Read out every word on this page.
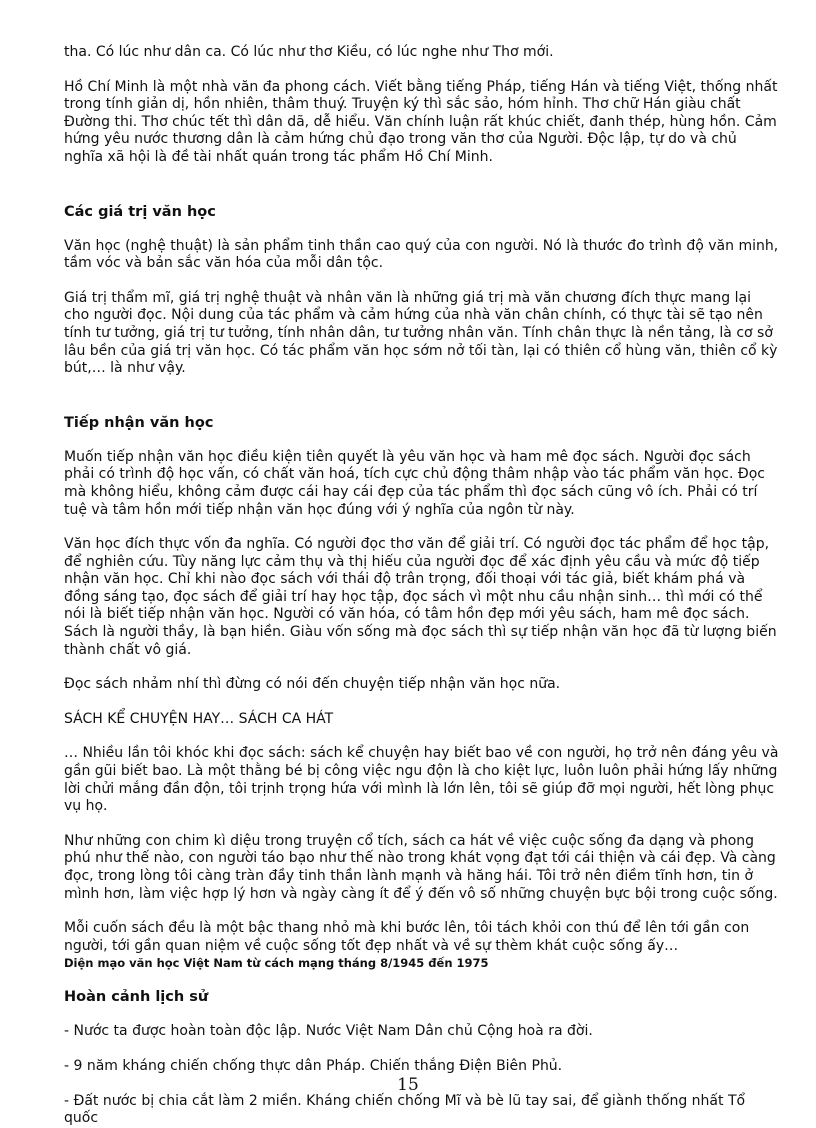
tha. Có lúc như dân ca. Có lúc như thơ Kiều, có lúc nghe như Thơ mới.

Hồ Chí Minh là một nhà văn đa phong cách. Viết bằng tiếng Pháp, tiếng Hán và tiếng Việt, thống nhất trong tính giản dị, hồn nhiên, thâm thuý. Truyện ký thì sắc sảo, hóm hỉnh. Thơ chữ Hán giàu chất Đường thi. Thơ chúc tết thì dân dã, dễ hiểu. Văn chính luận rất khúc chiết, đanh thép, hùng hồn. Cảm hứng yêu nước thương dân là cảm hứng chủ đạo trong văn thơ của Người. Độc lập, tự do và chủ nghĩa xã hội là đề tài nhất quán trong tác phẩm Hồ Chí Minh.

Các giá trị văn học

Văn học (nghệ thuật) là sản phẩm tinh thần cao quý của con người. Nó là thước đo trình độ văn minh, tầm vóc và bản sắc văn hóa của mỗi dân tộc.

Giá trị thẩm mĩ, giá trị nghệ thuật và nhân văn là những giá trị mà văn chương đích thực mang lại cho người đọc. Nội dung của tác phẩm và cảm hứng của nhà văn chân chính, có thực tài sẽ tạo nên tính tư tưởng, giá trị tư tưởng, tính nhân dân, tư tưởng nhân văn. Tính chân thực là nền tảng, là cơ sở lâu bền của giá trị văn học. Có tác phẩm văn học sớm nở tối tàn, lại có thiên cổ hùng văn, thiên cổ kỳ bút,… là như vậy.

Tiếp nhận văn học

Muốn tiếp nhận văn học điều kiện tiên quyết là yêu văn học và ham mê đọc sách. Người đọc sách phải có trình độ học vấn, có chất văn hoá, tích cực chủ động thâm nhập vào tác phẩm văn học. Đọc mà không hiểu, không cảm được cái hay cái đẹp của tác phẩm thì đọc sách cũng vô ích. Phải có trí tuệ và tâm hồn mới tiếp nhận văn học đúng với ý nghĩa của ngôn từ này.

Văn học đích thực vốn đa nghĩa. Có người đọc thơ văn để giải trí. Có người đọc tác phẩm để học tập, để nghiên cứu. Tùy năng lực cảm thụ và thị hiếu của người đọc để xác định yêu cầu và mức độ tiếp nhận văn học. Chỉ khi nào đọc sách với thái độ trân trọng, đối thoại với tác giả, biết khám phá và đồng sáng tạo, đọc sách để giải trí hay học tập, đọc sách vì một nhu cầu nhận sinh… thì mới có thể nói là biết tiếp nhận văn học. Người có văn hóa, có tâm hồn đẹp mới yêu sách, ham mê đọc sách. Sách là người thầy, là bạn hiền. Giàu vốn sống mà đọc sách thì sự tiếp nhận văn học đã từ lượng biến thành chất vô giá.

Đọc sách nhảm nhí thì đừng có nói đến chuyện tiếp nhận văn học nữa.

SÁCH KỂ CHUYỆN HAY… SÁCH CA HÁT

… Nhiều lần tôi khóc khi đọc sách: sách kể chuyện hay biết bao về con người, họ trở nên đáng yêu và gần gũi biết bao. Là một thằng bé bị công việc ngu độn là cho kiệt lực, luôn luôn phải hứng lấy những lời chửi mắng đần độn, tôi trịnh trọng hứa với mình là lớn lên, tôi sẽ giúp đỡ mọi người, hết lòng phục vụ họ.

Như những con chim kì diệu trong truyện cổ tích, sách ca hát về việc cuộc sống đa dạng và phong phú như thế nào, con người táo bạo như thế nào trong khát vọng đạt tới cái thiện và cái đẹp. Và càng đọc, trong lòng tôi càng tràn đầy tinh thần lành mạnh và hăng hái. Tôi trở nên điềm tĩnh hơn, tin ở mình hơn, làm việc hợp lý hơn và ngày càng ít để ý đến vô số những chuyện bực bội trong cuộc sống.

Mỗi cuốn sách đều là một bậc thang nhỏ mà khi bước lên, tôi tách khỏi con thú để lên tới gần con người, tới gần quan niệm về cuộc sống tốt đẹp nhất và về sự thèm khát cuộc sống ấy…

Diện mạo văn học Việt Nam từ cách mạng tháng 8/1945 đến 1975

Hoàn cảnh lịch sử

- Nước ta được hoàn toàn độc lập. Nước Việt Nam Dân chủ Cộng hoà ra đời.

- 9 năm kháng chiến chống thực dân Pháp. Chiến thắng Điện Biên Phủ.

- Đất nước bị chia cắt làm 2 miền. Kháng chiến chống Mĩ và bè lũ tay sai, để giành thống nhất Tổ quốc

15
